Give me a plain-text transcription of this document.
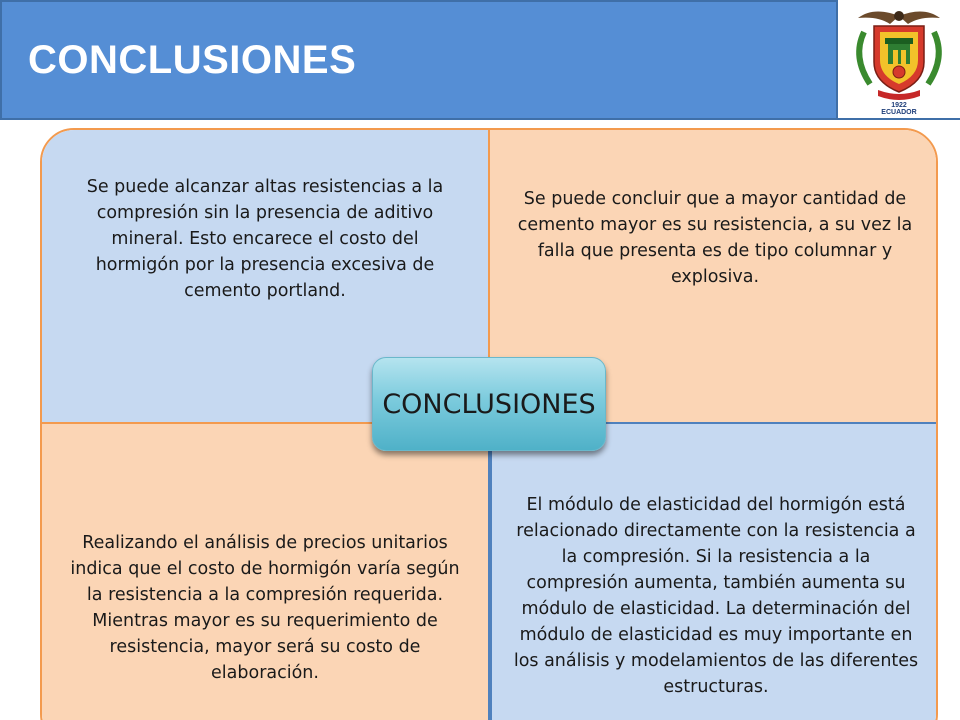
CONCLUSIONES
1922
ECUADOR
Se puede alcanzar altas resistencias a la compresión sin la presencia de aditivo mineral. Esto encarece el costo del hormigón por la presencia excesiva de cemento portland.
Se puede concluir que a mayor cantidad de cemento mayor es su resistencia, a su vez la falla que presenta es de tipo columnar y explosiva.
Realizando el análisis de precios unitarios indica que el costo de hormigón varía según la resistencia a la compresión requerida. Mientras mayor es su requerimiento de resistencia, mayor será su costo de elaboración.
El módulo de elasticidad del hormigón está relacionado directamente con la resistencia a la compresión. Si la resistencia a la compresión aumenta, también aumenta su módulo de elasticidad. La determinación del módulo de elasticidad es muy importante en los análisis y modelamientos de las diferentes estructuras.
CONCLUSIONES
